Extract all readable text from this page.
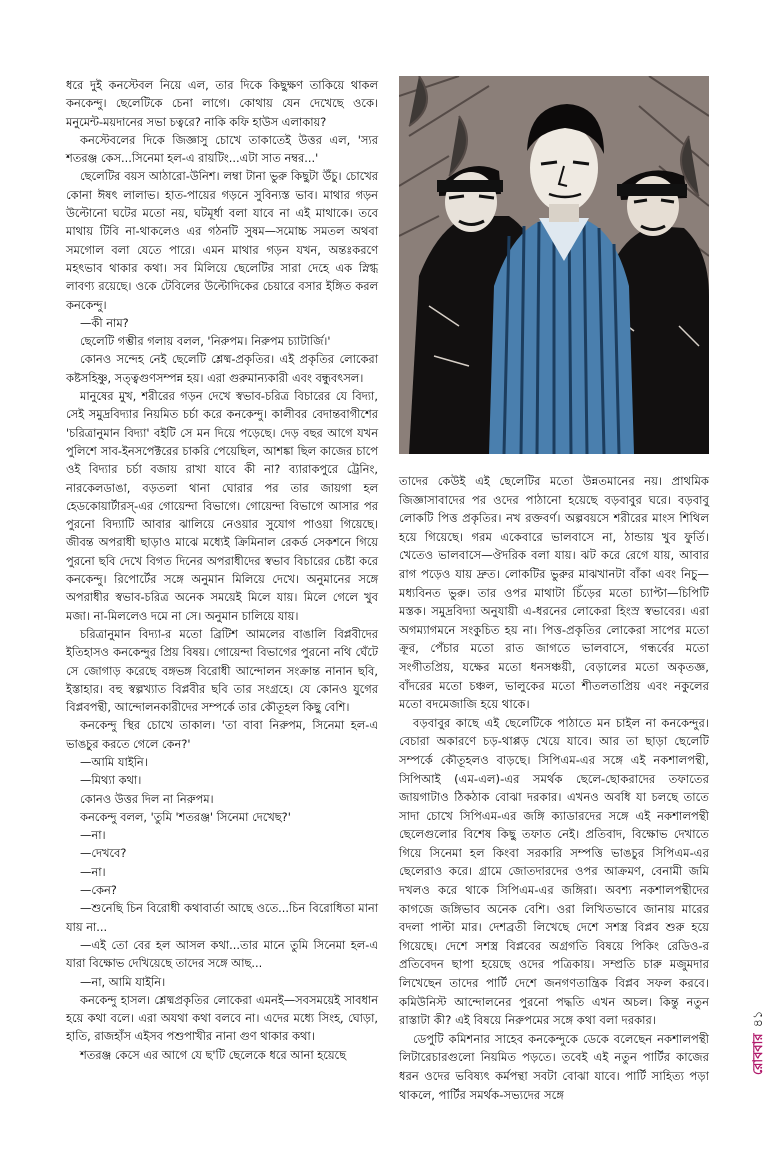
ধরে দুই কনস্টেবল নিয়ে এল, তার দিকে কিছুক্ষণ তাকিয়ে থাকল কনকেন্দু। ছেলেটিকে চেনা লাগে। কোথায় যেন দেখেছে ওকে। মনুমেন্ট-ময়দানের সভা চত্বরে? নাকি কফি হাউস এলাকায়?

কনস্টেবলের দিকে জিজ্ঞাসু চোখে তাকাতেই উত্তর এল, 'স্যর শতরঞ্জ কেস...সিনেমা হল-এ রায়টিং...এটা সাত নম্বর...'

ছেলেটির বয়স আঠারো-উনিশ। লম্বা টানা ভুরু কিছুটা উঁচু। চোখের কোনা ঈষৎ লালাভ। হাত-পায়ের গড়নে সুবিন্যস্ত ভাব। মাথার গড়ন উল্টোনো ঘটের মতো নয়, ঘটমূর্ধা বলা যাবে না এই মাথাকে। তবে মাথায় টিবি না-থাকলেও এর গঠনটি সুষম—সমোচ্চ সমতল অথবা সমগোল বলা যেতে পারে। এমন মাথার গড়ন যখন, অন্তঃকরণে মহৎভাব থাকার কথা। সব মিলিয়ে ছেলেটির সারা দেহে এক স্নিগ্ধ লাবণ্য রয়েছে। ওকে টেবিলের উল্টোদিকের চেয়ারে বসার ইঙ্গিত করল কনকেন্দু।

—কী নাম?

ছেলেটি গম্ভীর গলায় বলল, 'নিরুপম। নিরুপম চ্যাটার্জি।'

কোনও সন্দেহ নেই ছেলেটি শ্লেষ্ম-প্রকৃতির। এই প্রকৃতির লোকেরা কষ্টসহিষ্ণু, সত্ত্বগুণসম্পন্ন হয়। এরা গুরুমান্যকারী এবং বন্ধুবৎসল।

মানুষের মুখ, শরীরের গড়ন দেখে স্বভাব-চরিত্র বিচারের যে বিদ্যা, সেই সমুদ্রবিদ্যার নিয়মিত চর্চা করে কনকেন্দু। কালীবর বেদান্তবাগীশের 'চরিত্রানুমান বিদ্যা' বইটি সে মন দিয়ে পড়েছে। দেড় বছর আগে যখন পুলিশে সাব-ইনসপেক্টরের চাকরি পেয়েছিল, আশঙ্কা ছিল কাজের চাপে ওই বিদ্যার চর্চা বজায় রাখা যাবে কী না? ব্যারাকপুরে ট্রেনিং, নারকেলডাঙা, বড়তলা থানা ঘোরার পর তার জায়গা হল হেডকোয়ার্টারস্‌-এর গোয়েন্দা বিভাগে। গোয়েন্দা বিভাগে আসার পর পুরনো বিদ্যাটি আবার ঝালিয়ে নেওয়ার সুযোগ পাওয়া গিয়েছে। জীবন্ত অপরাধী ছাড়াও মাঝে মধ্যেই ক্রিমিনাল রেকর্ড সেকশনে গিয়ে পুরনো ছবি দেখে বিগত দিনের অপরাধীদের স্বভাব বিচারের চেষ্টা করে কনকেন্দু। রিপোর্টের সঙ্গে অনুমান মিলিয়ে দেখে। অনুমানের সঙ্গে অপরাধীর স্বভাব-চরিত্র অনেক সময়েই মিলে যায়। মিলে গেলে খুব মজা। না-মিললেও দমে না সে। অনুমান চালিয়ে যায়।

চরিত্রানুমান বিদ্যা-র মতো ব্রিটিশ আমলের বাঙালি বিপ্লবীদের ইতিহাসও কনকেন্দুর প্রিয় বিষয়। গোয়েন্দা বিভাগের পুরনো নথি ঘেঁটে সে জোগাড় করেছে বঙ্গভঙ্গ বিরোধী আন্দোলন সংক্রান্ত নানান ছবি, ইস্তাহার। বহু স্বল্পখ্যাত বিপ্লবীর ছবি তার সংগ্রহে। যে কোনও যুগের বিপ্লবপন্থী, আন্দোলনকারীদের সম্পর্কে তার কৌতূহল কিছু বেশি।

কনকেন্দু স্থির চোখে তাকাল। 'তা বাবা নিরুপম, সিনেমা হল-এ ভাঙচুর করতে গেলে কেন?'

—আমি যাইনি।

—মিথ্যা কথা।

কোনও উত্তর দিল না নিরুপম।

কনকেন্দু বলল, 'তুমি 'শতরঞ্জ' সিনেমা দেখেছ?'

—না।

—দেখবে?

—না।

—কেন?

—শুনেছি চিন বিরোধী কথাবার্তা আছে ওতে...চিন বিরোধিতা মানা যায় না...

—এই তো বের হল আসল কথা...তার মানে তুমি সিনেমা হল-এ যারা বিক্ষোভ দেখিয়েছে তাদের সঙ্গে আছ...

—না, আমি যাইনি।

কনকেন্দু হাসল। শ্লেষ্মপ্রকৃতির লোকেরা এমনই—সবসময়েই সাবধান হয়ে কথা বলে। এরা অযথা কথা বলবে না। এদের মধ্যে সিংহ, ঘোড়া, হাতি, রাজহাঁস এইসব পশুপাখীর নানা গুণ থাকার কথা।

শতরঞ্জ কেসে এর আগে যে ছ'টি ছেলেকে ধরে আনা হয়েছে

তাদের কেউই এই ছেলেটির মতো উন্নতমানের নয়। প্রাথমিক জিজ্ঞাসাবাদের পর ওদের পাঠানো হয়েছে বড়বাবুর ঘরে। বড়বাবু লোকটি পিত্ত প্রকৃতির। নখ রক্তবর্ণ। অল্পবয়সে শরীরের মাংস শিথিল হয়ে গিয়েছে। গরম একেবারে ভালবাসে না, ঠান্ডায় খুব ফুর্তি। খেতেও ভালবাসে—ঔদরিক বলা যায়। ঝট করে রেগে যায়, আবার রাগ পড়েও যায় দ্রুত। লোকটির ভুরুর মাঝখানটা বাঁকা এবং নিচু—মধ্যবিনত ভুরু। তার ওপর মাথাটা চিঁড়ের মতো চ্যাপ্টা—চিপিটি মস্তক। সমুদ্রবিদ্যা অনুযায়ী এ-ধরনের লোকেরা হিংস্র স্বভাবের। এরা অগম্যাগমনে সংকুচিত হয় না। পিত্ত-প্রকৃতির লোকেরা সাপের মতো ক্রূর, পেঁচার মতো রাত জাগতে ভালবাসে, গন্ধর্বের মতো সংগীতপ্রিয়, যক্ষের মতো ধনসঞ্চয়ী, বেড়ালের মতো অকৃতজ্ঞ, বাঁদরের মতো চঞ্চল, ভালুকের মতো শীতলতাপ্রিয় এবং নকুলের মতো বদমেজাজি হয়ে থাকে।

বড়বাবুর কাছে এই ছেলেটিকে পাঠাতে মন চাইল না কনকেন্দুর। বেচারা অকারণে চড়-থাপ্পড় খেয়ে যাবে। আর তা ছাড়া ছেলেটি সম্পর্কে কৌতূহলও বাড়ছে। সিপিএম-এর সঙ্গে এই নকশালপন্থী, সিপিআই (এম-এল)-এর সমর্থক ছেলে-ছোকরাদের তফাতের জায়গাটাও ঠিকঠাক বোঝা দরকার। এখনও অবধি যা চলছে তাতে সাদা চোখে সিপিএম-এর জঙ্গি ক্যাডারদের সঙ্গে এই নকশালপন্থী ছেলেগুলোর বিশেষ কিছু তফাত নেই। প্রতিবাদ, বিক্ষোভ দেখাতে গিয়ে সিনেমা হল কিংবা সরকারি সম্পত্তি ভাঙচুর সিপিএম-এর ছেলেরাও করে। গ্রামে জোতদারদের ওপর আক্রমণ, বেনামী জমি দখলও করে থাকে সিপিএম-এর জঙ্গিরা। অবশ্য নকশালপন্থীদের কাগজে জঙ্গিভাব অনেক বেশি। ওরা লিখিতভাবে জানায় মারের বদলা পাল্টা মার। দেশব্রতী লিখেছে দেশে সশস্ত্র বিপ্লব শুরু হয়ে গিয়েছে। দেশে সশস্ত্র বিপ্লবের অগ্রগতি বিষয়ে পিকিং রেডিও-র প্রতিবেদন ছাপা হয়েছে ওদের পত্রিকায়। সম্প্রতি চারু মজুমদার লিখেছেন তাদের পার্টি দেশে জনগণতান্ত্রিক বিপ্লব সফল করবে। কমিউনিস্ট আন্দোলনের পুরনো পদ্ধতি এখন অচল। কিন্তু নতুন রাস্তাটা কী? এই বিষয়ে নিরুপমের সঙ্গে কথা বলা দরকার।

ডেপুটি কমিশনার সাহেব কনকেন্দুকে ডেকে বলেছেন নকশালপন্থী লিটারেচারগুলো নিয়মিত পড়তে। তবেই এই নতুন পার্টির কাজের ধরন ওদের ভবিষ্যৎ কর্মপন্থা সবটা বোঝা যাবে। পার্টি সাহিত্য পড়া থাকলে, পার্টির সমর্থক-সভ্যদের সঙ্গে

রোববার৪১
